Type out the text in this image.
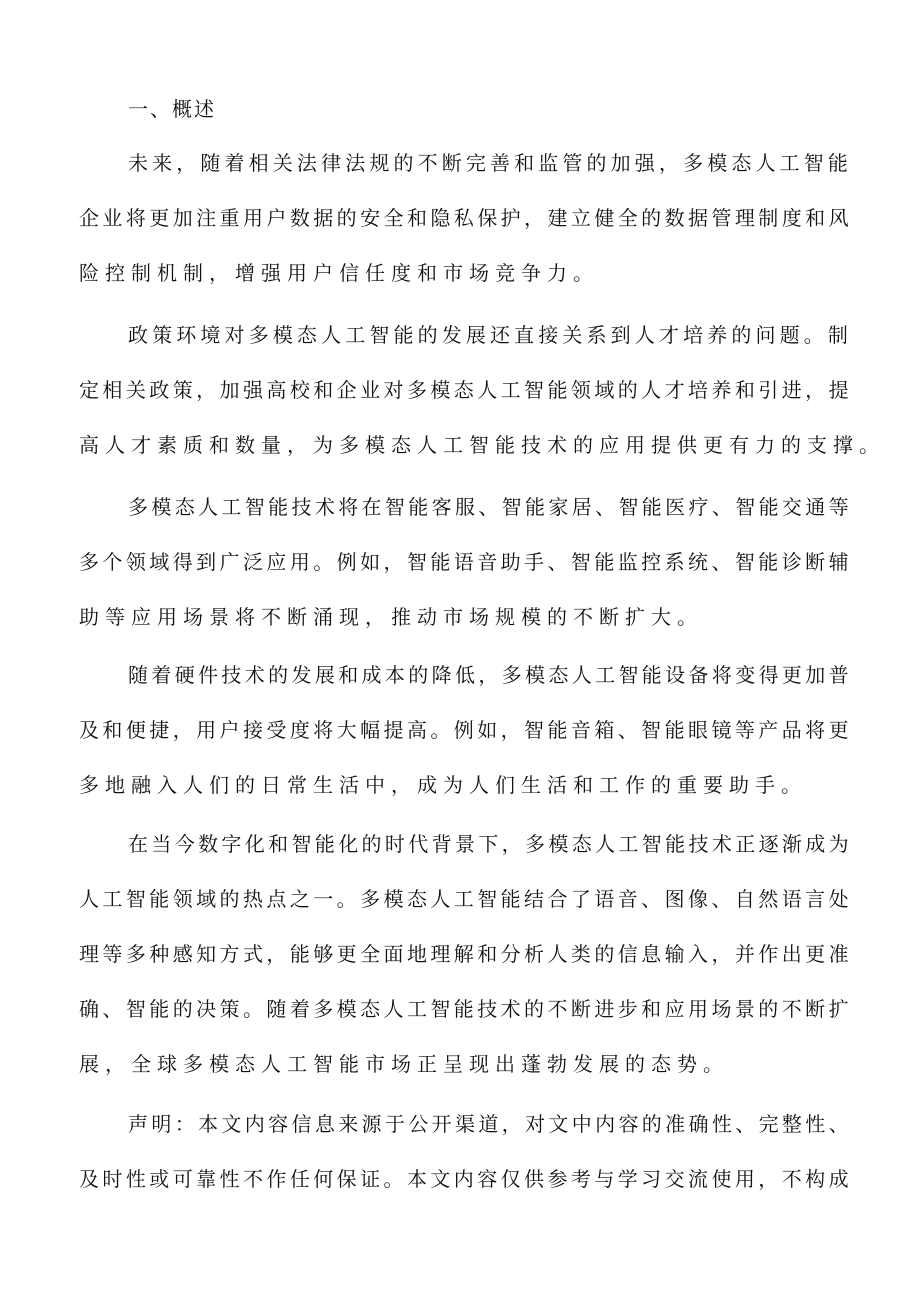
一、概述
未来，随着相关法律法规的不断完善和监管的加强，多模态人工智能
企业将更加注重用户数据的安全和隐私保护，建立健全的数据管理制度和风
险控制机制，增强用户信任度和市场竞争力。
政策环境对多模态人工智能的发展还直接关系到人才培养的问题。制
定相关政策，加强高校和企业对多模态人工智能领域的人才培养和引进，提
高人才素质和数量，为多模态人工智能技术的应用提供更有力的支撑。
多模态人工智能技术将在智能客服、智能家居、智能医疗、智能交通等
多个领域得到广泛应用。例如，智能语音助手、智能监控系统、智能诊断辅
助等应用场景将不断涌现，推动市场规模的不断扩大。
随着硬件技术的发展和成本的降低，多模态人工智能设备将变得更加普
及和便捷，用户接受度将大幅提高。例如，智能音箱、智能眼镜等产品将更
多地融入人们的日常生活中，成为人们生活和工作的重要助手。
在当今数字化和智能化的时代背景下，多模态人工智能技术正逐渐成为
人工智能领域的热点之一。多模态人工智能结合了语音、图像、自然语言处
理等多种感知方式，能够更全面地理解和分析人类的信息输入，并作出更准
确、智能的决策。随着多模态人工智能技术的不断进步和应用场景的不断扩
展，全球多模态人工智能市场正呈现出蓬勃发展的态势。
声明：本文内容信息来源于公开渠道，对文中内容的准确性、完整性、
及时性或可靠性不作任何保证。本文内容仅供参考与学习交流使用，不构成
